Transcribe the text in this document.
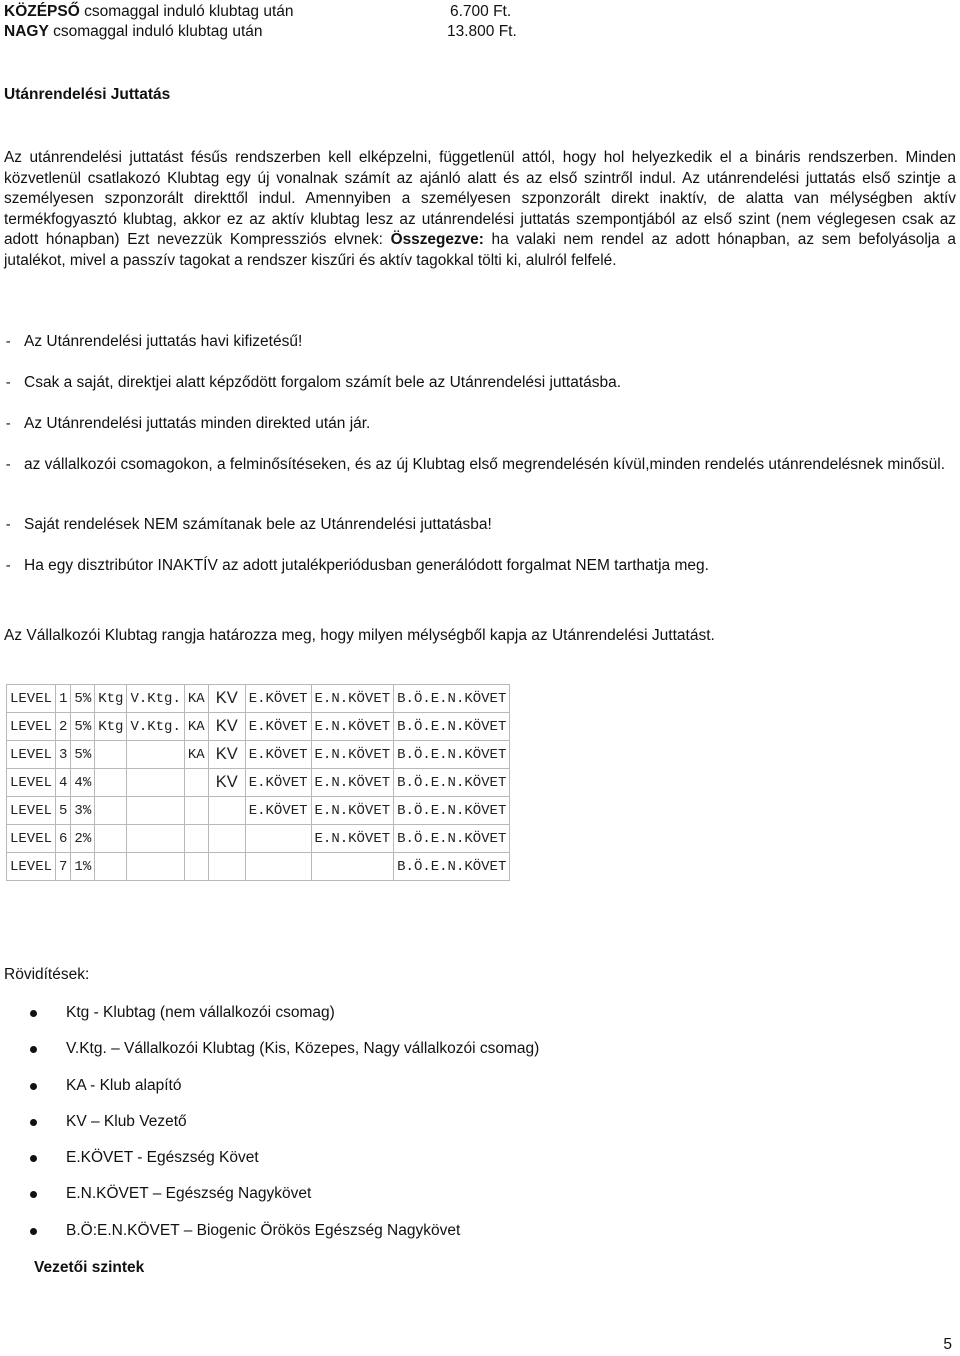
KÖZÉPSŐ csomaggal induló klubtag után	6.700 Ft.
NAGY csomaggal induló klubtag után	13.800 Ft.
Utánrendelési Juttatás
Az utánrendelési juttatást fésűs rendszerben kell elképzelni, függetlenül attól, hogy hol helyezkedik el a bináris rendszerben. Minden közvetlenül csatlakozó Klubtag egy új vonalnak számít az ajánló alatt és az első szintről indul. Az utánrendelési juttatás első szintje a személyesen szponzorált direkttől indul. Amennyiben a személyesen szponzorált direkt inaktív, de alatta van mélységben aktív termékfogyasztó klubtag, akkor ez az aktív klubtag lesz az utánrendelési juttatás szempontjából az első szint (nem véglegesen csak az adott hónapban) Ezt nevezzük Kompressziós elvnek: Összegezve: ha valaki nem rendel az adott hónapban, az sem befolyásolja a jutalékot, mivel a passzív tagokat a rendszer kiszűri és aktív tagokkal tölti ki, alulról felfelé.
- Az Utánrendelési juttatás havi kifizetésű!
- Csak a saját, direktjei alatt képződött forgalom számít bele az Utánrendelési juttatásba.
- Az Utánrendelési juttatás minden direkted után jár.
- az vállalkozói csomagokon, a felminősítéseken, és az új Klubtag első megrendelésén kívül,minden rendelés utánrendelésnek minősül.
- Saját rendelések NEM számítanak bele az Utánrendelési juttatásba!
- Ha egy disztribútor INAKTÍV az adott jutalékperiódusban generálódott forgalmat NEM tarthatja meg.
Az Vállalkozói Klubtag rangja határozza meg, hogy milyen mélységből kapja az Utánrendelési Juttatást.
LEVEL	1	5%	Ktg	V.Ktg.	KA	KV	E.KÖVET	E.N.KÖVET	B.Ö.E.N.KÖVET
LEVEL	2	5%	Ktg	V.Ktg.	KA	KV	E.KÖVET	E.N.KÖVET	B.Ö.E.N.KÖVET
LEVEL	3	5%			KA	KV	E.KÖVET	E.N.KÖVET	B.Ö.E.N.KÖVET
LEVEL	4	4%				KV	E.KÖVET	E.N.KÖVET	B.Ö.E.N.KÖVET
LEVEL	5	3%					E.KÖVET	E.N.KÖVET	B.Ö.E.N.KÖVET
LEVEL	6	2%						E.N.KÖVET	B.Ö.E.N.KÖVET
LEVEL	7	1%							B.Ö.E.N.KÖVET
Rövidítések:
Ktg - Klubtag (nem vállalkozói csomag)
V.Ktg. – Vállalkozói Klubtag (Kis, Közepes, Nagy vállalkozói csomag)
KA - Klub alapító
KV – Klub Vezető
E.KÖVET - Egészség Követ
E.N.KÖVET – Egészség Nagykövet
B.Ö:E.N.KÖVET – Biogenic Örökös Egészség Nagykövet
Vezetői szintek
5
